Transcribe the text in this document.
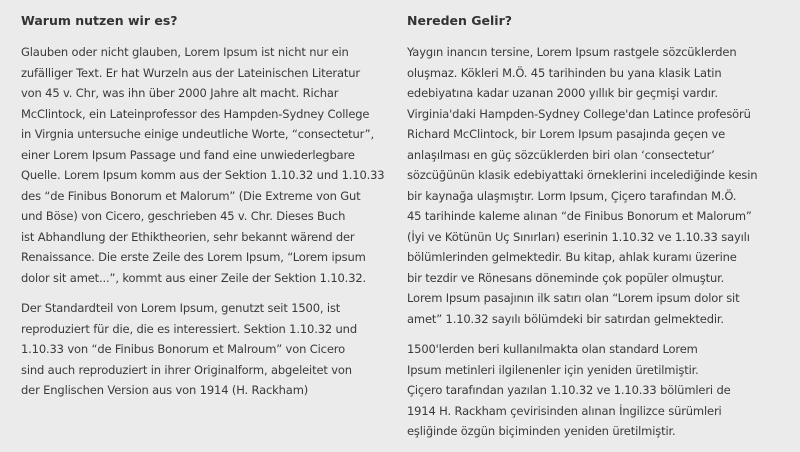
Warum nutzen wir es?

Glauben oder nicht glauben, Lorem Ipsum ist nicht nur ein
zufälliger Text. Er hat Wurzeln aus der Lateinischen Literatur
von 45 v. Chr, was ihn über 2000 Jahre alt macht. Richar
McClintock, ein Lateinprofessor des Hampden-Sydney College
in Virgnia untersuche einige undeutliche Worte, “consectetur”,
einer Lorem Ipsum Passage und fand eine unwiederlegbare
Quelle. Lorem Ipsum komm aus der Sektion 1.10.32 und 1.10.33
des “de Finibus Bonorum et Malorum” (Die Extreme von Gut
und Böse) von Cicero, geschrieben 45 v. Chr. Dieses Buch
ist Abhandlung der Ethiktheorien, sehr bekannt wärend der
Renaissance. Die erste Zeile des Lorem Ipsum, “Lorem ipsum
dolor sit amet...”, kommt aus einer Zeile der Sektion 1.10.32.

Der Standardteil von Lorem Ipsum, genutzt seit 1500, ist
reproduziert für die, die es interessiert. Sektion 1.10.32 und
1.10.33 von “de Finibus Bonorum et Malroum” von Cicero
sind auch reproduziert in ihrer Originalform, abgeleitet von
der Englischen Version aus von 1914 (H. Rackham)

Nereden Gelir?

Yaygın inancın tersine, Lorem Ipsum rastgele sözcüklerden
oluşmaz. Kökleri M.Ö. 45 tarihinden bu yana klasik Latin
edebiyatına kadar uzanan 2000 yıllık bir geçmişi vardır.
Virginia'daki Hampden-Sydney College'dan Latince profesörü
Richard McClintock, bir Lorem Ipsum pasajında geçen ve
anlaşılması en güç sözcüklerden biri olan ‘consectetur’
sözcüğünün klasik edebiyattaki örneklerini incelediğinde kesin
bir kaynağa ulaşmıştır. Lorm Ipsum, Çiçero tarafından M.Ö.
45 tarihinde kaleme alınan “de Finibus Bonorum et Malorum”
(İyi ve Kötünün Uç Sınırları) eserinin 1.10.32 ve 1.10.33 sayılı
bölümlerinden gelmektedir. Bu kitap, ahlak kuramı üzerine
bir tezdir ve Rönesans döneminde çok popüler olmuştur.
Lorem Ipsum pasajının ilk satırı olan “Lorem ipsum dolor sit
amet” 1.10.32 sayılı bölümdeki bir satırdan gelmektedir.

1500'lerden beri kullanılmakta olan standard Lorem
Ipsum metinleri ilgilenenler için yeniden üretilmiştir.
Çiçero tarafından yazılan 1.10.32 ve 1.10.33 bölümleri de
1914 H. Rackham çevirisinden alınan İngilizce sürümleri
eşliğinde özgün biçiminden yeniden üretilmiştir.
